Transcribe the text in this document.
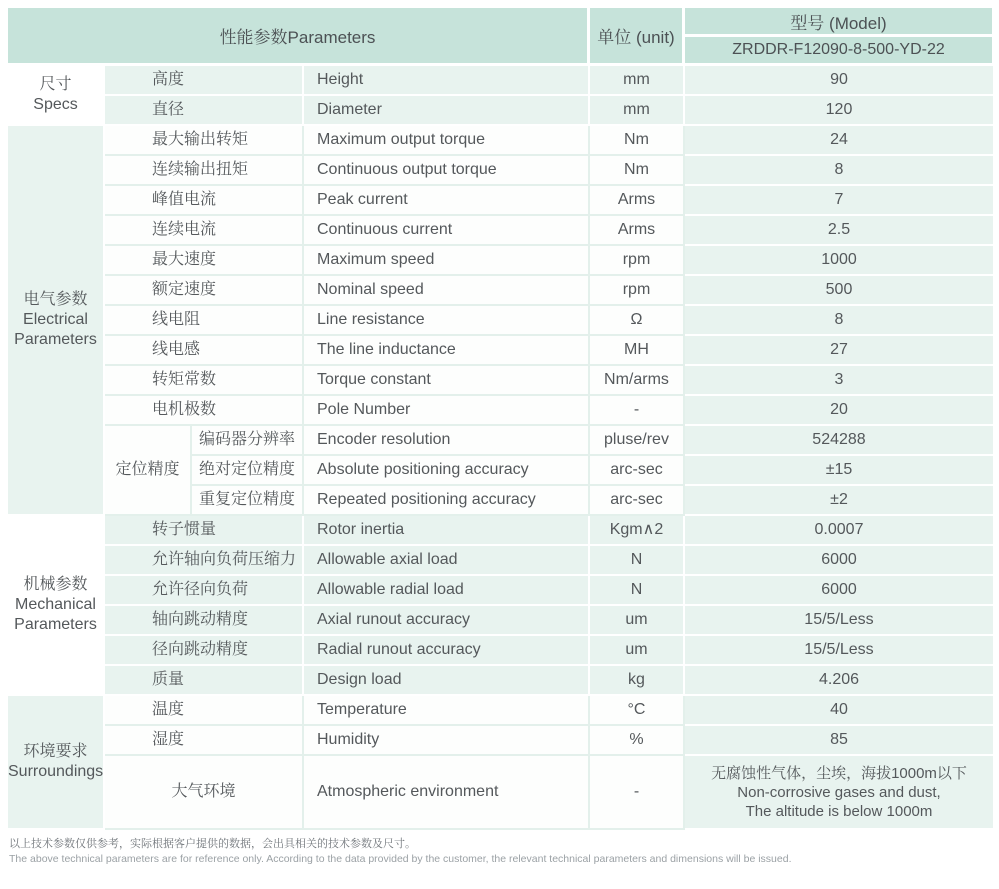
性能参数Parameters				单位 (unit)	型号 (Model)
					ZRDDR-F12090-8-500-YD-22

尺寸
Specs	高度		Height	mm	90
	直径		Diameter	mm	120

电气参数
Electrical
Parameters	最大输出转矩		Maximum output torque	Nm	24
	连续输出扭矩		Continuous output torque	Nm	8
	峰值电流		Peak current	Arms	7
	连续电流		Continuous current	Arms	2.5
	最大速度		Maximum speed	rpm	1000
	额定速度		Nominal speed	rpm	500
	线电阻		Line resistance	Ω	8
	线电感		The line inductance	MH	27
	转矩常数		Torque constant	Nm/arms	3
	电机极数		Pole Number	-	20
	定位精度	编码器分辨率	Encoder resolution	pluse/rev	524288
		绝对定位精度	Absolute positioning accuracy	arc-sec	±15
		重复定位精度	Repeated positioning accuracy	arc-sec	±2

机械参数
Mechanical
Parameters	转子惯量		Rotor inertia	Kgm∧2	0.0007
	允许轴向负荷压缩力		Allowable axial load	N	6000
	允许径向负荷		Allowable radial load	N	6000
	轴向跳动精度		Axial runout accuracy	um	15/5/Less
	径向跳动精度		Radial runout accuracy	um	15/5/Less
	质量		Design load	kg	4.206

环境要求
Surroundings	温度		Temperature	°C	40
	湿度		Humidity	%	85
	大气环境		Atmospheric environment	-	无腐蚀性气体，尘埃，海拔1000m以下
Non-corrosive gases and dust,
The altitude is below 1000m

以上技术参数仅供参考，实际根据客户提供的数据，会出具相关的技术参数及尺寸。

The above technical parameters are for reference only. According to the data provided by the customer, the relevant technical parameters and dimensions will be issued.
